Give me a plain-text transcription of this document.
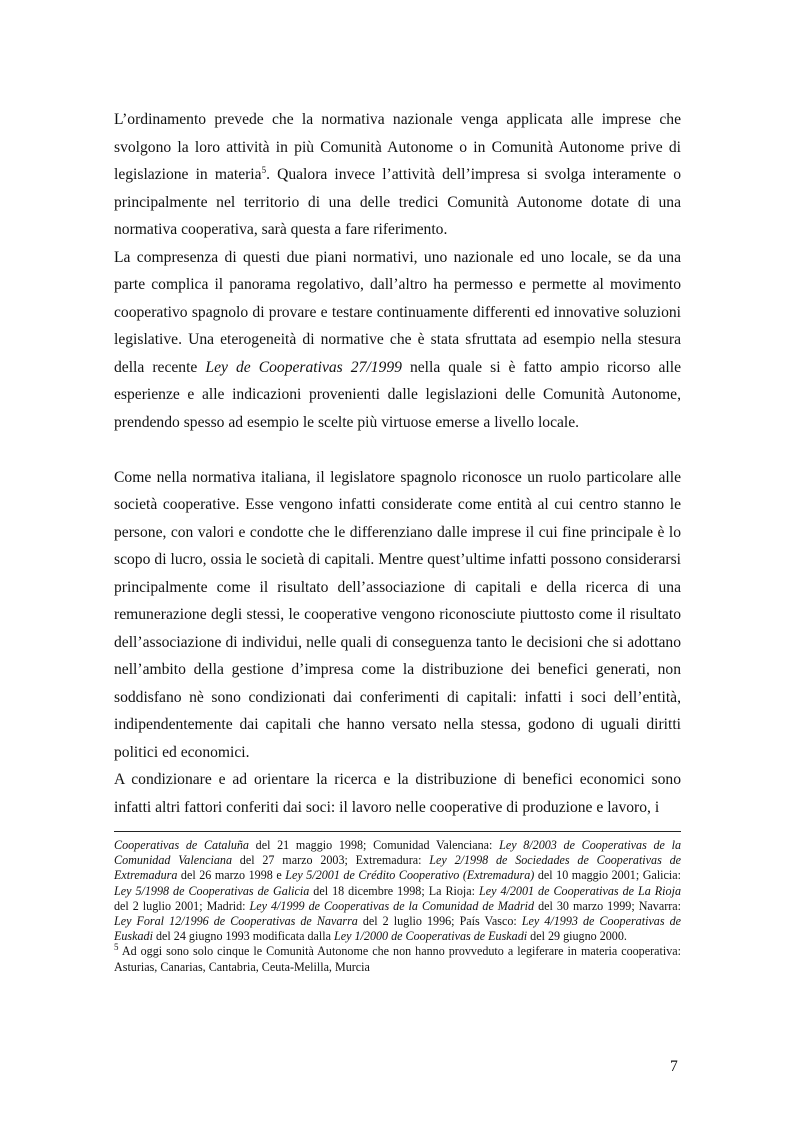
L’ordinamento prevede che la normativa nazionale venga applicata alle imprese che svolgono la loro attività in più Comunità Autonome o in Comunità Autonome prive di legislazione in materia$^5$. Qualora invece l’attività dell’impresa si svolga interamente o principalmente nel territorio di una delle tredici Comunità Autonome dotate di una normativa cooperativa, sarà questa a fare riferimento.

La compresenza di questi due piani normativi, uno nazionale ed uno locale, se da una parte complica il panorama regolativo, dall’altro ha permesso e permette al movimento cooperativo spagnolo di provare e testare continuamente differenti ed innovative soluzioni legislative. Una eterogeneità di normative che è stata sfruttata ad esempio nella stesura della recente Ley de Cooperativas 27/1999 nella quale si è fatto ampio ricorso alle esperienze e alle indicazioni provenienti dalle legislazioni delle Comunità Autonome, prendendo spesso ad esempio le scelte più virtuose emerse a livello locale.

Come nella normativa italiana, il legislatore spagnolo riconosce un ruolo particolare alle società cooperative. Esse vengono infatti considerate come entità al cui centro stanno le persone, con valori e condotte che le differenziano dalle imprese il cui fine principale è lo scopo di lucro, ossia le società di capitali. Mentre quest’ultime infatti possono considerarsi principalmente come il risultato dell’associazione di capitali e della ricerca di una remunerazione degli stessi, le cooperative vengono riconosciute piuttosto come il risultato dell’associazione di individui, nelle quali di conseguenza tanto le decisioni che si adottano nell’ambito della gestione d’impresa come la distribuzione dei benefici generati, non soddisfano nè sono condizionati dai conferimenti di capitali: infatti i soci dell’entità, indipendentemente dai capitali che hanno versato nella stessa, godono di uguali diritti politici ed economici.

A condizionare e ad orientare la ricerca e la distribuzione di benefici economici sono infatti altri fattori conferiti dai soci: il lavoro nelle cooperative di produzione e lavoro, i

Cooperativas de Cataluña del 21 maggio 1998; Comunidad Valenciana: Ley 8/2003 de Cooperativas de la Comunidad Valenciana del 27 marzo 2003; Extremadura: Ley 2/1998 de Sociedades de Cooperativas de Extremadura del 26 marzo 1998 e Ley 5/2001 de Crédito Cooperativo (Extremadura) del 10 maggio 2001; Galicia: Ley 5/1998 de Cooperativas de Galicia del 18 dicembre 1998; La Rioja: Ley 4/2001 de Cooperativas de La Rioja del 2 luglio 2001; Madrid: Ley 4/1999 de Cooperativas de la Comunidad de Madrid del 30 marzo 1999; Navarra: Ley Foral 12/1996 de Cooperativas de Navarra del 2 luglio 1996; País Vasco: Ley 4/1993 de Cooperativas de Euskadi del 24 giugno 1993 modificata dalla Ley 1/2000 de Cooperativas de Euskadi del 29 giugno 2000.

$^5$ Ad oggi sono solo cinque le Comunità Autonome che non hanno provveduto a legiferare in materia cooperativa: Asturias, Canarias, Cantabria, Ceuta-Melilla, Murcia

7
